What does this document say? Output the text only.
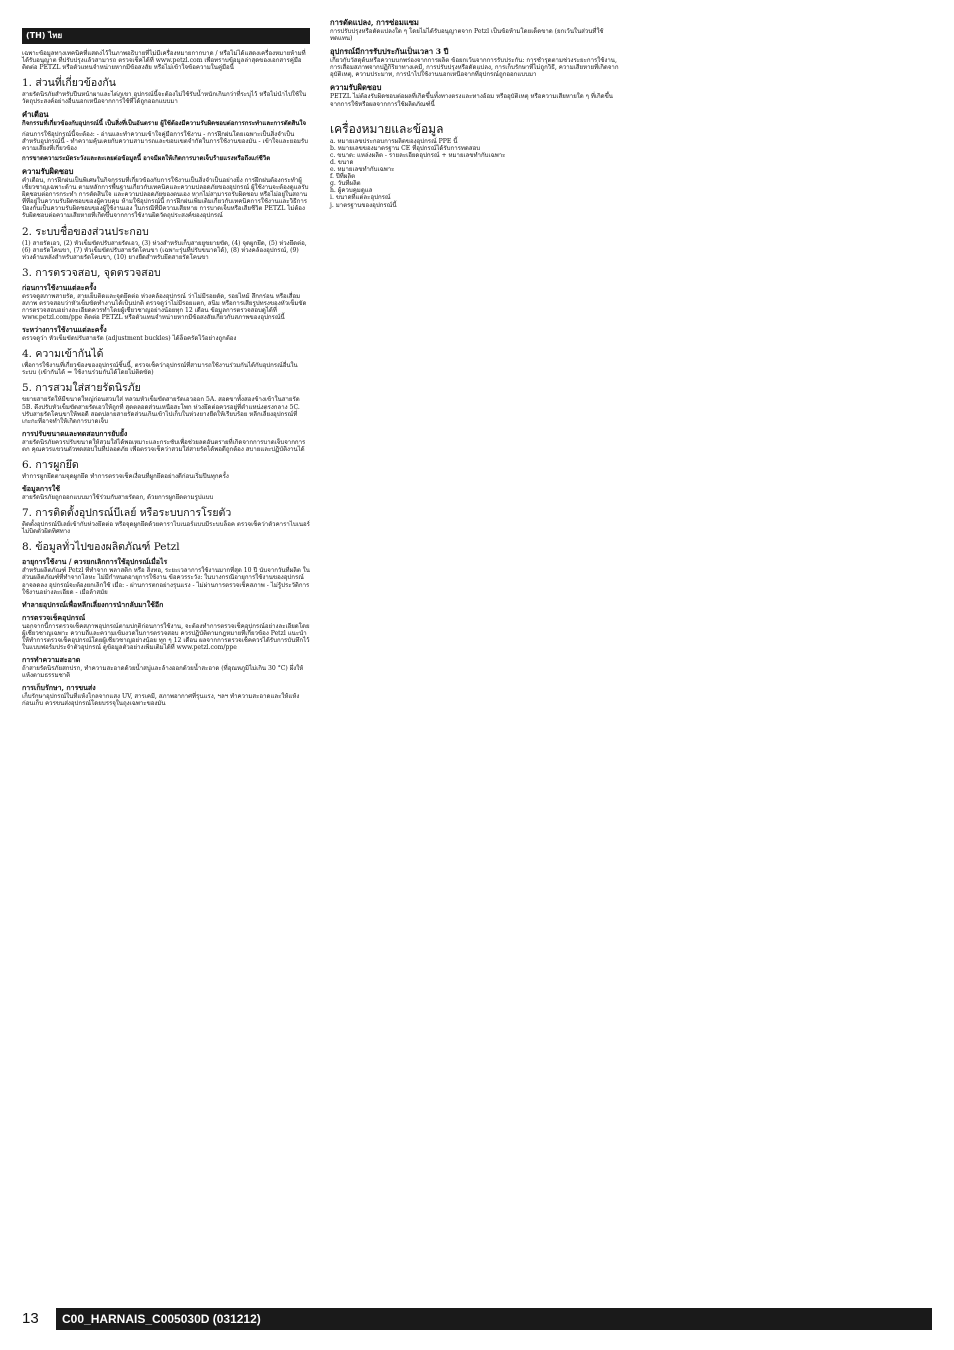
(TH) ไทย

เฉพาะข้อมูลทางเทคนิคที่แสดงไว้ในภาพอธิบายที่ไม่มีเครื่องหมายกากบาด / หรือไม่ได้แสดงเครื่องหมายห้ามที่ได้รับอนุญาต ที่ปรับปรุงแล้วสามารถ ตรวจเช็คได้ที่ www.petzl.com เพื่อทราบข้อมูลล่าสุดของเอกสารคู่มือ ติดต่อ PETZL หรือตัวแทนจำหน่ายหากมีข้อสงสัย หรือไม่เข้าใจข้อความในคู่มือนี้

1. ส่วนที่เกี่ยวข้องกัน

สายรัดนิรภัยสำหรับปีนหน้าผาและไต่ภูเขา อุปกรณ์นี้จะต้องไม่ใช้รับน้ำหนักเกินกว่าที่ระบุไว้ หรือไม่นำไปใช้ในวัตถุประสงค์อย่างอื่นนอกเหนือจากการใช้ที่ได้ถูกออกแบบมา

คำเตือน

กิจกรรมที่เกี่ยวข้องกับอุปกรณ์นี้ เป็นสิ่งที่เป็นอันตราย ผู้ใช้ต้องมีความรับผิดชอบต่อการกระทำและการตัดสินใจ

ก่อนการใช้อุปกรณ์นี้จะต้อง: - อ่านและทำความเข้าใจคู่มือการใช้งาน - การฝึกฝนโดยเฉพาะเป็นสิ่งจำเป็นสำหรับอุปกรณ์นี้ - ทำความคุ้นเคยกับความสามารถและขอบเขตจำกัดในการใช้งานของมัน - เข้าใจและยอมรับความเสี่ยงที่เกี่ยวข้อง

การขาดความระมัดระวังและละเลยต่อข้อมูลนี้ อาจมีผลให้เกิดการบาดเจ็บร้ายแรงหรือถึงแก่ชีวิต

ความรับผิดชอบ

คำเตือน, การฝึกฝนเป็นพิเศษในกิจกรรมที่เกี่ยวข้องกับการใช้งานเป็นสิ่งจำเป็นอย่างยิ่ง การฝึกฝนต้องกระทำผู้เชี่ยวชาญเฉพาะด้าน ตามหลักการพื้นฐานเกี่ยวกับเทคนิคและความปลอดภัยของอุปกรณ์ ผู้ใช้งานจะต้องดูแลรับผิดชอบต่อการกระทำ การตัดสินใจ และความปลอดภัยของตนเอง หากไม่สามารถรับผิดชอบ หรือไม่อยู่ในสถานที่ที่อยู่ในความรับผิดชอบของผู้ควบคุม ห้ามใช้อุปกรณ์นี้ การฝึกฝนเพิ่มเติมเกี่ยวกับเทคนิคการใช้งานและวิธีการป้องกันเป็นความรับผิดชอบของผู้ใช้งานเอง ในกรณีที่มีความเสียหาย การบาดเจ็บหรือเสียชีวิต PETZL ไม่ต้องรับผิดชอบต่อความเสียหายที่เกิดขึ้นจากการใช้งานผิดวัตถุประสงค์ของอุปกรณ์

2. ระบบชื่อของส่วนประกอบ

(1) สายรัดเอว, (2) หัวเข็มขัดปรับสายรัดเอว, (3) ห่วงสำหรับเก็บสายยูขยายขัด, (4) จุดผูกยึด, (5) ห่วงยึดต่อ, (6) สายรัดโคนขา, (7) หัวเข็มขัดปรับสายรัดโคนขา (เฉพาะรุ่นที่ปรับขนาดได้), (8) ห่วงคล้องอุปกรณ์, (9) ห่วงด้านหลังสำหรับสายรัดโคนขา, (10) ยางยืดสำหรับยึดสายรัดโคนขา

3. การตรวจสอบ, จุดตรวจสอบ
ก่อนการใช้งานแต่ละครั้ง

ตรวจดูสภาพสายรัด, สายเย็บติดและจุดยึดต่อ ห่วงคล้องอุปกรณ์ ว่าไม่มีรอยตัด, รอยไหม้ สึกกร่อน หรือเสื่อมสภาพ ตรวจสอบว่าหัวเข็มขัดทำงานได้เป็นปกติ ตรวจดูว่าไม่มีรอยแตก, สนิม หรือการเสียรูปทรงของหัวเข็มขัด การตรวจสอบอย่างละเอียดควรทำโดยผู้เชี่ยวชาญอย่างน้อยทุก 12 เดือน ข้อมูลการตรวจสอบดูได้ที่ www.petzl.com/ppe ติดต่อ PETZL หรือตัวแทนจำหน่ายหากมีข้อสงสัยเกี่ยวกับสภาพของอุปกรณ์นี้

ระหว่างการใช้งานแต่ละครั้ง

ตรวจดูว่า หัวเข็มขัดปรับสายรัด (adjustment buckles) ได้ล็อครัดไว้อย่างถูกต้อง

4. ความเข้ากันได้

เพื่อการใช้งานที่เกี่ยวข้องของอุปกรณ์ชิ้นนี้, ตรวจเช็คว่าอุปกรณ์ที่สามารถใช้งานร่วมกันได้กับอุปกรณ์อื่นในระบบ (เข้ากันได้ = ใช้งานร่วมกันได้โดยไม่ติดขัด)

5. การสวมใส่สายรัดนิรภัย

ขยายสายรัดให้มีขนาดใหญ่ก่อนสวมใส่ หลวมหัวเข็มขัดสายรัดเอวออก 5A. สอดขาทั้งสองข้างเข้าในสายรัด 5B. ดึงปรับหัวเข็มขัดสายรัดเอวให้ถูกที่ สุดตลอดส่วนเหนือสะโพก ห่วงยึดต่อควรอยู่ที่ตำแหน่งตรงกลาง 5C. ปรับสายรัดโคนขาให้พอดี สอดปลายสายรัดส่วนเกินเข้าไปเก็บในห่วงยางยืดให้เรียบร้อย หลีกเลี่ยงอุปกรณ์ที่เกะกะที่อาจทำให้เกิดการบาดเจ็บ

การปรับขนาดและทดสอบการยับยั้ง

สายรัดนิรภัยควรปรับขนาดให้สวมใส่ได้พอเหมาะและกระชับเพื่อช่วยลดอันตรายที่เกิดจากการบาดเจ็บจากการตก คุณควรแขวนตัวทดสอบในที่ปลอดภัย เพื่อตรวจเช็คว่าสวมใส่สายรัดได้พอดีถูกต้อง สบายและปฏิบัติงานได้

6. การผูกยึด

ทำการผูกยึดตามจุดผูกยึด ทำการตรวจเช็คเงื่อนที่ผูกยึดอย่างดีก่อนเริ่มปีนทุกครั้ง

ข้อมูลการใช้

สายรัดนิรภัยถูกออกแบบมาใช้ร่วมกับสายรัดอก, ด้วยการผูกยึดตามรูปแบบ

7. การติดตั้งอุปกรณ์บีเลย์ หรือระบบการโรยตัว

ติดตั้งอุปกรณ์บีเลย์เข้ากับห่วงยึดต่อ หรือจุดผูกยึดด้วยคาราไบเนอร์แบบมีระบบล็อค ตรวจเช็คว่าตัวคาราไบเนอร์ไม่บิดตัวผิดทิศทาง

8. ข้อมูลทั่วไปของผลิตภัณฑ์ Petzl
อายุการใช้งาน / ควรยกเลิกการใช้อุปกรณ์เมื่อไร

สำหรับผลิตภัณฑ์ Petzl ที่ทำจาก พลาสติก หรือ สิ่งทอ, ระยะเวลาการใช้งานมากที่สุด 10 ปี นับจากวันที่ผลิต ในส่วนผลิตภัณฑ์ที่ทำจากโลหะ ไม่มีกำหนดอายุการใช้งาน ข้อควรระวัง: ในบางกรณีอายุการใช้งานของอุปกรณ์อาจลดลง อุปกรณ์จะต้องยกเลิกใช้ เมื่อ: - ผ่านการตกอย่างรุนแรง - ไม่ผ่านการตรวจเช็คสภาพ - ไม่รู้ประวัติการใช้งานอย่างละเอียด - เมื่อล้าสมัย

ทำลายอุปกรณ์เพื่อหลีกเลี่ยงการนำกลับมาใช้อีก
การตรวจเช็คอุปกรณ์

นอกจากนี้การตรวจเช็คสภาพอุปกรณ์ตามปกติก่อนการใช้งาน, จะต้องทำการตรวจเช็คอุปกรณ์อย่างละเอียดโดยผู้เชี่ยวชาญเฉพาะ ความถี่และความเข้มงวดในการตรวจสอบ ควรปฏิบัติตามกฎหมายที่เกี่ยวข้อง Petzl แนะนำให้ทำการตรวจเช็คอุปกรณ์โดยผู้เชี่ยวชาญอย่างน้อย ทุก ๆ 12 เดือน ผลจากการตรวจเช็คควรได้รับการบันทึกไว้ในแบบฟอร์มประจำตัวอุปกรณ์ ดูข้อมูลตัวอย่างเพิ่มเติมได้ที่ www.petzl.com/ppe

การทำความสะอาด

ถ้าสายรัดนิรภัยสกปรก, ทำความสะอาดด้วยน้ำสบู่และล้างออกด้วยน้ำสะอาด (ที่อุณหภูมิไม่เกิน 30 °C) ผึ่งให้แห้งตามธรรมชาติ

การเก็บรักษา, การขนส่ง

เก็บรักษาอุปกรณ์ในที่แห้งไกลจากแสง UV, สารเคมี, สภาพอากาศที่รุนแรง, ฯลฯ ทำความสะอาดและให้แห้งก่อนเก็บ ควรขนส่งอุปกรณ์โดยบรรจุในถุงเฉพาะของมัน

การดัดแปลง, การซ่อมแซม

การปรับปรุงหรือดัดแปลงใด ๆ โดยไม่ได้รับอนุญาตจาก Petzl เป็นข้อห้ามโดยเด็ดขาด (ยกเว้นในส่วนที่ใช้ทดแทน)

อุปกรณ์มีการรับประกันเป็นเวลา 3 ปี

เกี่ยวกับวัสดุต้นหรือความบกพร่องจากการผลิต ข้อยกเว้นจากการรับประกัน: การชำรุดตามช่วงระยะการใช้งาน, การเสื่อมสภาพจากปฏิกิริยาทางเคมี, การปรับปรุงหรือดัดแปลง, การเก็บรักษาที่ไม่ถูกวิธี, ความเสียหายที่เกิดจากอุบัติเหตุ, ความประมาท, การนำไปใช้งานนอกเหนือจากที่อุปกรณ์ถูกออกแบบมา

ความรับผิดชอบ

PETZL ไม่ต้องรับผิดชอบต่อผลที่เกิดขึ้นทั้งทางตรงและทางอ้อม หรืออุบัติเหตุ หรือความเสียหายใด ๆ ที่เกิดขึ้นจากการใช้หรือผลจากการใช้ผลิตภัณฑ์นี้

เครื่องหมายและข้อมูล
a. หมายเลขประกอบการผลิตของอุปกรณ์ PPE นี้
b. หมายเลขของมาตรฐาน CE ที่อุปกรณ์ได้รับการทดสอบ
c. ขนาด: แหล่งผลิต - รายละเอียดอุปกรณ์ + หมายเลขทำกับเฉพาะ
d. ขนาด
e. หมายเลขทำกับเฉพาะ
f. ปีที่ผลิต
g. วันที่ผลิต
h. ผู้ควบคุมดูแล
i. ขนาดที่แต่ละอุปกรณ์
j. มาตรฐานของอุปกรณ์นี้
13	C00_HARNAIS_C005030D (031212)
